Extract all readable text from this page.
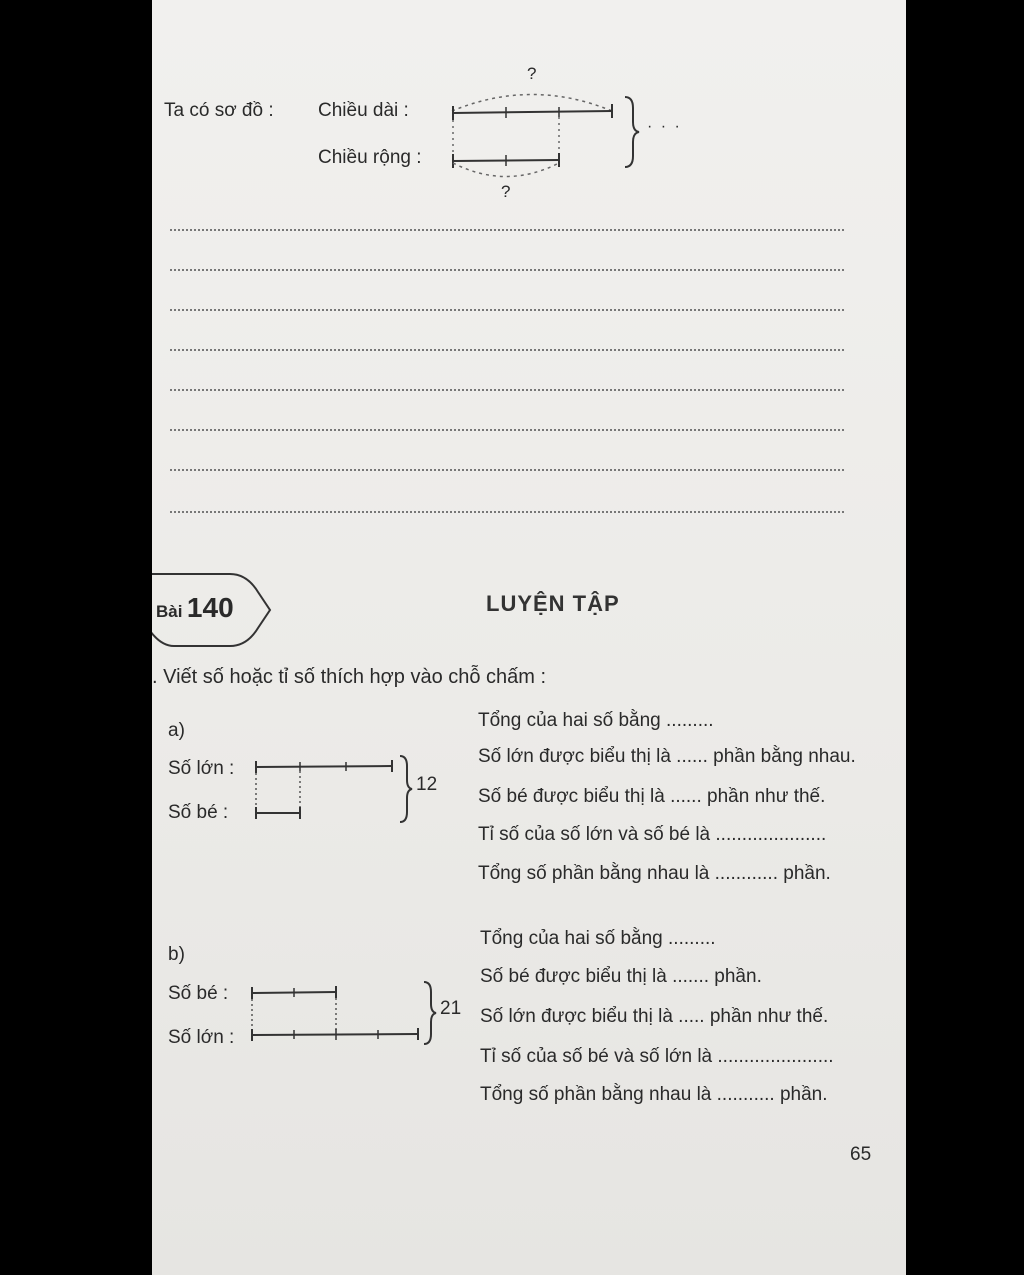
Ta có sơ đồ : Chiều dài :
Chiều rộng :
?
?
· · ·
Bài 140	LUYỆN TẬP
. Viết số hoặc tỉ số thích hợp vào chỗ chấm :
a)
Số lớn :
Số bé :
12
Tổng của hai số bằng .........
Số lớn được biểu thị là ...... phần bằng nhau.
Số bé được biểu thị là ...... phần như thế.
Tỉ số của số lớn và số bé là .....................
Tổng số phần bằng nhau là ............ phần.
b)
Số bé :
Số lớn :
21
Tổng của hai số bằng .........
Số bé được biểu thị là ....... phần.
Số lớn được biểu thị là ..... phần như thế.
Tỉ số của số bé và số lớn là ......................
Tổng số phần bằng nhau là ........... phần.
65
